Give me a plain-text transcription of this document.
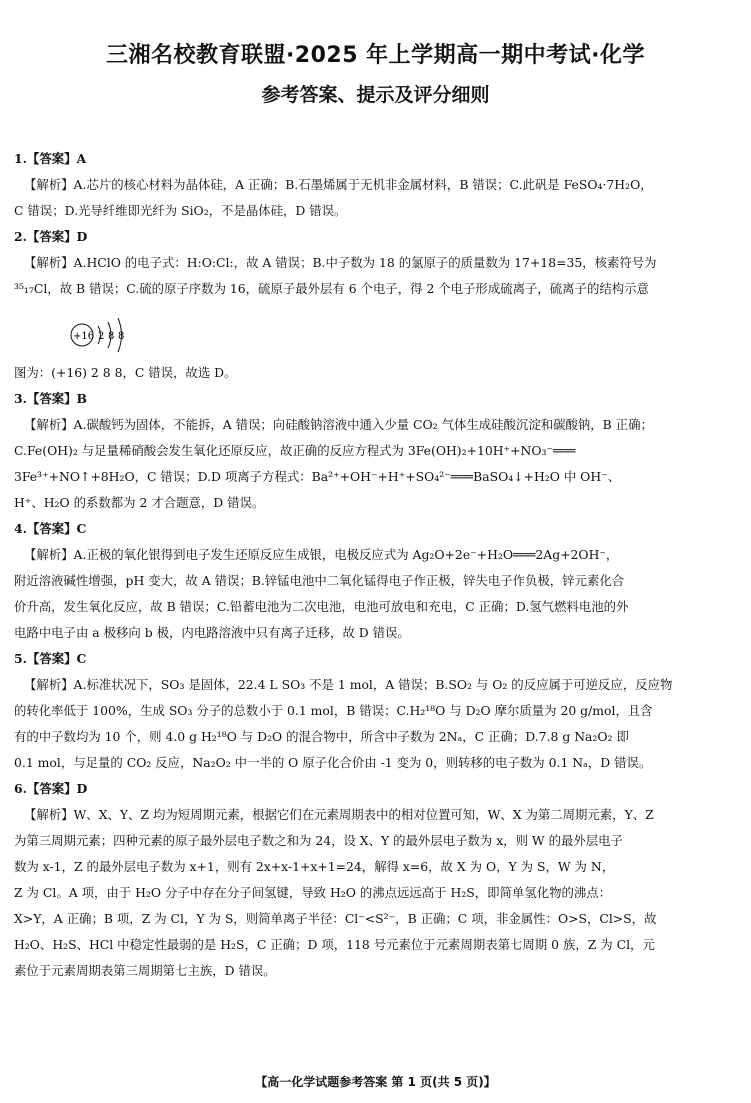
三湘名校教育联盟·2025 年上学期高一期中考试·化学
参考答案、提示及评分细则

1.【答案】A

【解析】A.芯片的核心材料为晶体硅，A 正确；B.石墨烯属于无机非金属材料，B 错误；C.此矾是 FeSO₄·7H₂O，

C 错误；D.光导纤维即光纤为 SiO₂，不是晶体硅，D 错误。

2.【答案】D

【解析】A.HClO 的电子式：H:O:Cl:，故 A 错误；B.中子数为 18 的氯原子的质量数为 17+18=35，核素符号为

³⁵₁₇Cl，故 B 错误；C.硫的原子序数为 16，硫原子最外层有 6 个电子，得 2 个电子形成硫离子，硫离子的结构示意

+16 2 8 8

图为：(+16) 2 8 8，C 错误，故选 D。

3.【答案】B

【解析】A.碳酸钙为固体，不能拆，A 错误；向硅酸钠溶液中通入少量 CO₂ 气体生成硅酸沉淀和碳酸钠，B 正确；

C.Fe(OH)₂ 与足量稀硝酸会发生氧化还原反应，故正确的反应方程式为 3Fe(OH)₂+10H⁺+NO₃⁻═══

3Fe³⁺+NO↑+8H₂O，C 错误；D.D 项离子方程式：Ba²⁺+OH⁻+H⁺+SO₄²⁻═══BaSO₄↓+H₂O 中 OH⁻、

H⁺、H₂O 的系数都为 2 才合题意，D 错误。

4.【答案】C

【解析】A.正极的氧化银得到电子发生还原反应生成银，电极反应式为 Ag₂O+2e⁻+H₂O═══2Ag+2OH⁻，

附近溶液碱性增强，pH 变大，故 A 错误；B.锌锰电池中二氧化锰得电子作正极，锌失电子作负极，锌元素化合

价升高，发生氧化反应，故 B 错误；C.铅蓄电池为二次电池，电池可放电和充电，C 正确；D.氢气燃料电池的外

电路中电子由 a 极移向 b 极，内电路溶液中只有离子迁移，故 D 错误。

5.【答案】C

【解析】A.标准状况下，SO₃ 是固体，22.4 L SO₃ 不是 1 mol，A 错误；B.SO₂ 与 O₂ 的反应属于可逆反应，反应物

的转化率低于 100%，生成 SO₃ 分子的总数小于 0.1 mol，B 错误；C.H₂¹⁸O 与 D₂O 摩尔质量为 20 g/mol，且含

有的中子数均为 10 个，则 4.0 g H₂¹⁸O 与 D₂O 的混合物中，所含中子数为 2Nₐ，C 正确；D.7.8 g Na₂O₂ 即

0.1 mol，与足量的 CO₂ 反应，Na₂O₂ 中一半的 O 原子化合价由 -1 变为 0，则转移的电子数为 0.1 Nₐ，D 错误。

6.【答案】D

【解析】W、X、Y、Z 均为短周期元素，根据它们在元素周期表中的相对位置可知，W、X 为第二周期元素，Y、Z

为第三周期元素；四种元素的原子最外层电子数之和为 24，设 X、Y 的最外层电子数为 x，则 W 的最外层电子

数为 x-1，Z 的最外层电子数为 x+1，则有 2x+x-1+x+1=24，解得 x=6，故 X 为 O，Y 为 S，W 为 N，

Z 为 Cl。A 项，由于 H₂O 分子中存在分子间氢键，导致 H₂O 的沸点远远高于 H₂S，即简单氢化物的沸点：

X>Y，A 正确；B 项，Z 为 Cl，Y 为 S，则简单离子半径：Cl⁻<S²⁻，B 正确；C 项，非金属性：O>S，Cl>S，故

H₂O、H₂S、HCl 中稳定性最弱的是 H₂S，C 正确；D 项，118 号元素位于元素周期表第七周期 0 族，Z 为 Cl，元

素位于元素周期表第三周期第七主族，D 错误。

【高一化学试题参考答案 第 1 页(共 5 页)】
